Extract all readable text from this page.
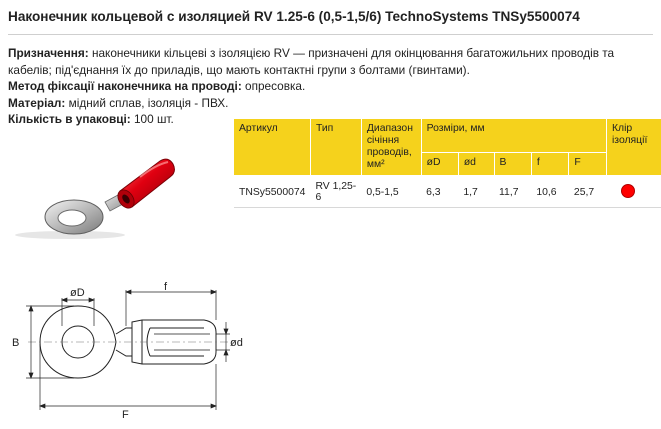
Наконечник кольцевой с изоляцией RV 1.25-6 (0,5-1,5/6) TechnoSystems TNSy5500074

Призначення: наконечники кільцеві з ізоляцією RV — призначені для окінцювання багатожильних проводів та кабелів; під'єднання їх до приладів, що мають контактні групи з болтами (гвинтами).

Метод фіксації наконечника на проводі: опресовка.

Матеріал: мідний сплав, ізоляція - ПВХ.

Кількість в упаковці: 100 шт.

Артикул	Тип	Диапазон
січіння
проводів,
мм²	Розміри, мм					Клір
ізоляції
			øD	ød	B	f	F	
TNSy5500074	RV 1,25-6	0,5-1,5	6,3	1,7	11,7	10,6	25,7	
øD	f
B	ød
F
